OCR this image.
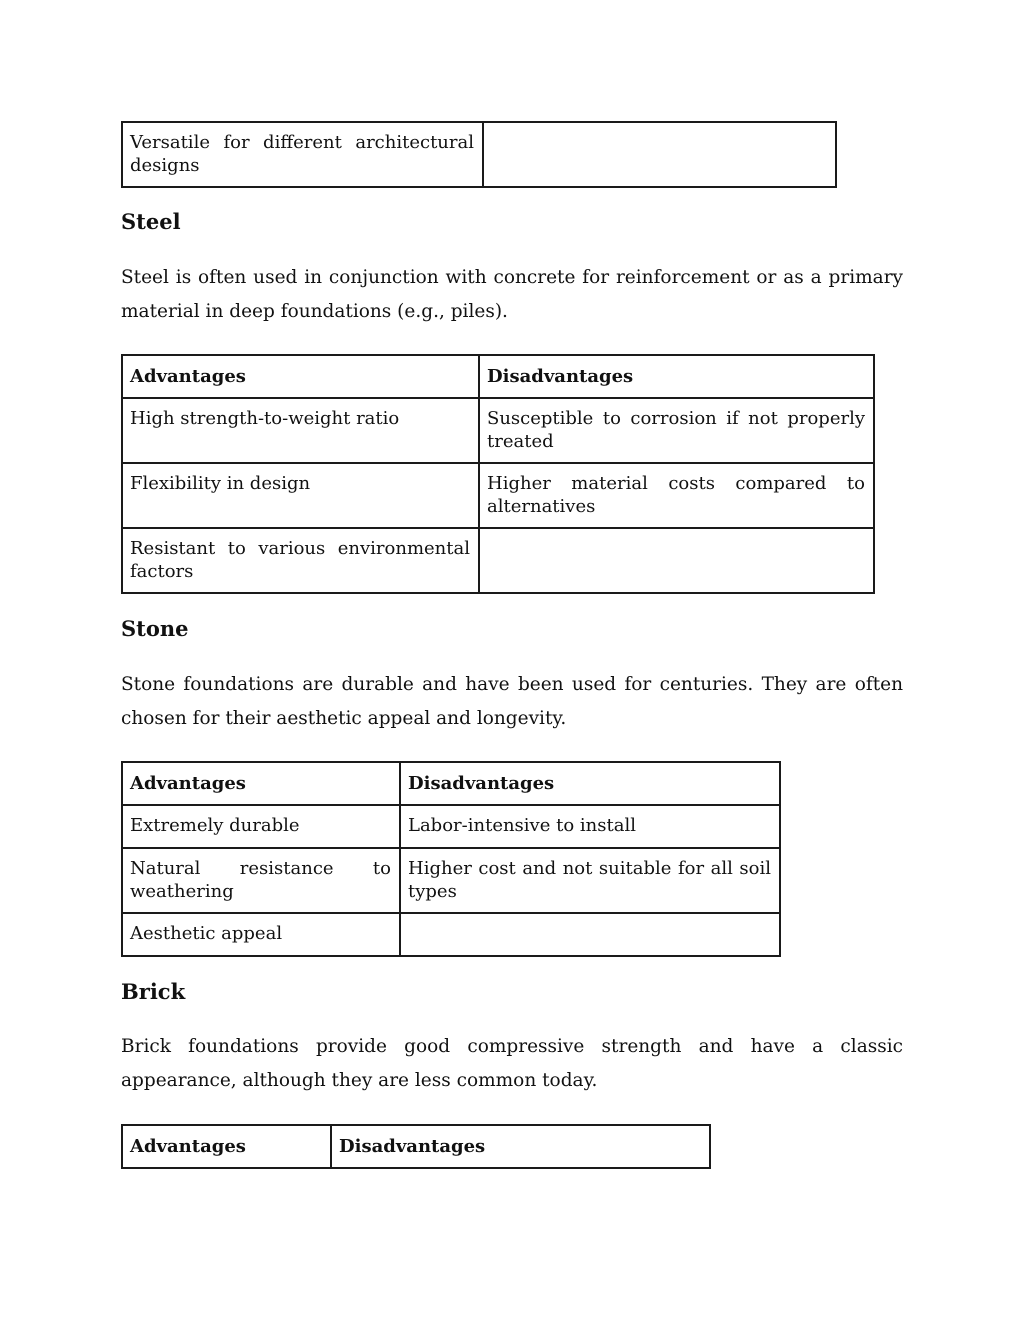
Versatile for different architectural designs	
Steel

Steel is often used in conjunction with concrete for reinforcement or as a primary material in deep foundations (e.g., piles).

Advantages	Disadvantages
High strength-to-weight ratio	Susceptible to corrosion if not properly treated
Flexibility in design	Higher material costs compared to alternatives
Resistant to various environmental factors	
Stone

Stone foundations are durable and have been used for centuries. They are often chosen for their aesthetic appeal and longevity.

Advantages	Disadvantages
Extremely durable	Labor-intensive to install
Natural resistance to weathering	Higher cost and not suitable for all soil types
Aesthetic appeal	
Brick

Brick foundations provide good compressive strength and have a classic appearance, although they are less common today.

Advantages	Disadvantages
